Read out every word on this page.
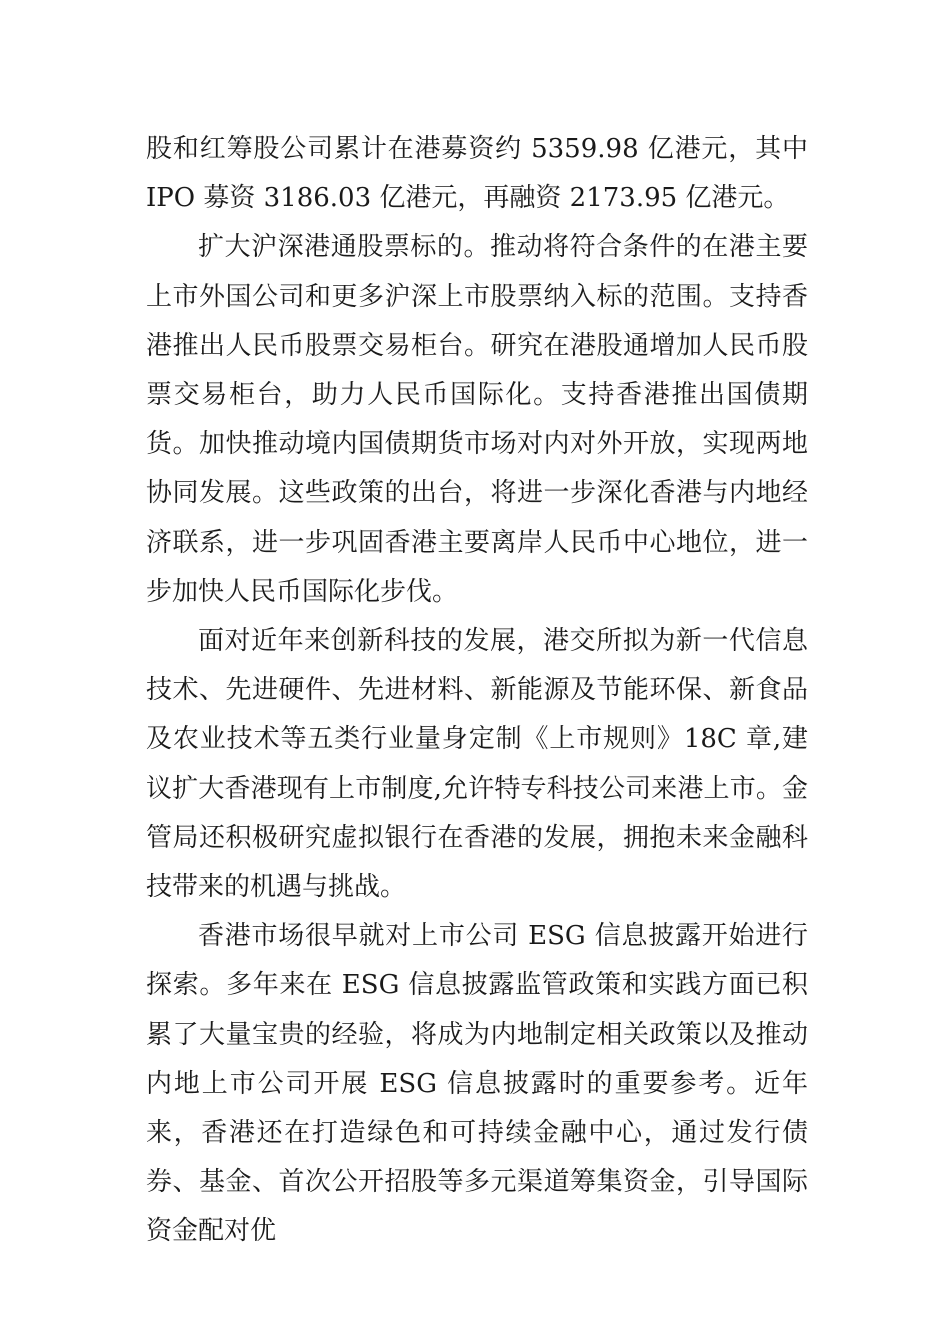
股和红筹股公司累计在港募资约 5359.98 亿港元，其中 IPO 募资 3186.03 亿港元，再融资 2173.95 亿港元。

扩大沪深港通股票标的。推动将符合条件的在港主要上市外国公司和更多沪深上市股票纳入标的范围。支持香港推出人民币股票交易柜台。研究在港股通增加人民币股票交易柜台，助力人民币国际化。支持香港推出国债期货。加快推动境内国债期货市场对内对外开放，实现两地协同发展。这些政策的出台，将进一步深化香港与内地经济联系，进一步巩固香港主要离岸人民币中心地位，进一步加快人民币国际化步伐。

面对近年来创新科技的发展，港交所拟为新一代信息技术、先进硬件、先进材料、新能源及节能环保、新食品及农业技术等五类行业量身定制《上市规则》18C 章,建议扩大香港现有上市制度,允许特专科技公司来港上市。金管局还积极研究虚拟银行在香港的发展，拥抱未来金融科技带来的机遇与挑战。

香港市场很早就对上市公司 ESG 信息披露开始进行探索。多年来在 ESG 信息披露监管政策和实践方面已积累了大量宝贵的经验，将成为内地制定相关政策以及推动内地上市公司开展 ESG 信息披露时的重要参考。近年来，香港还在打造绿色和可持续金融中心，通过发行债券、基金、首次公开招股等多元渠道筹集资金，引导国际资金配对优
